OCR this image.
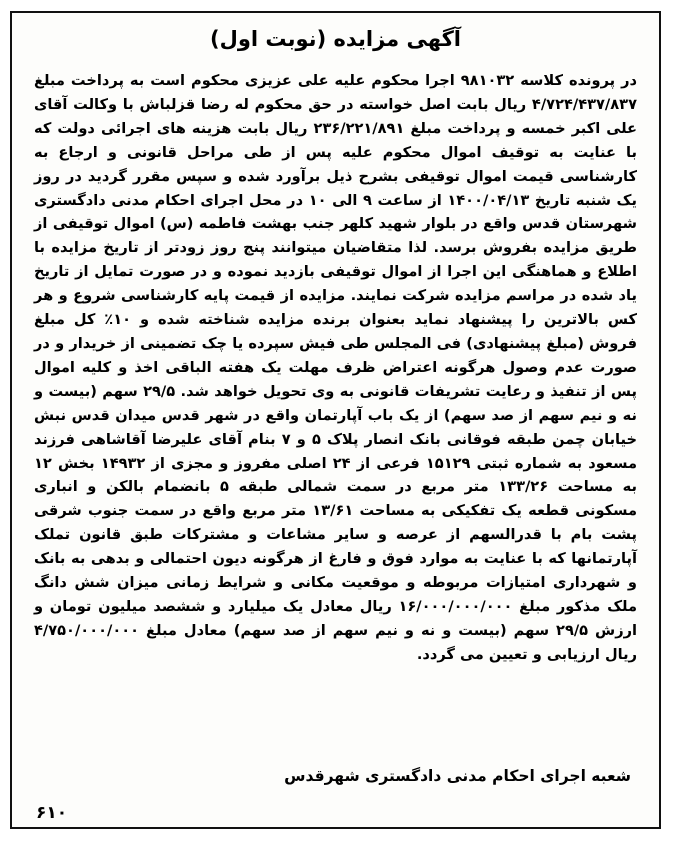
آگهی مزایده (نوبت اول)

در پرونده کلاسه ۹۸۱۰۳۲ اجرا محکوم علیه علی عزیزی محکوم است به پرداخت مبلغ ۴/۷۲۴/۴۳۷/۸۳۷ ریال بابت اصل خواسته در حق محکوم له رضا قزلباش با وکالت آقای علی اکبر خمسه و پرداخت مبلغ ۲۳۶/۲۲۱/۸۹۱ ریال بابت هزینه های اجرائی دولت که با عنایت به توقیف اموال محکوم علیه پس از طی مراحل قانونی و ارجاع به کارشناسی قیمت اموال توقیفی بشرح ذیل برآورد شده و سپس مقرر گردید در روز یک شنبه تاریخ ۱۴۰۰/۰۴/۱۳ از ساعت ۹ الی ۱۰ در محل اجرای احکام مدنی دادگستری شهرستان قدس واقع در بلوار شهید کلهر جنب بهشت فاطمه (س) اموال توقیفی از طریق مزایده بفروش برسد. لذا متقاضیان میتوانند پنج روز زودتر از تاریخ مزایده با اطلاع و هماهنگی این اجرا از اموال توقیفی بازدید نموده و در صورت تمایل از تاریخ یاد شده در مراسم مزایده شرکت نمایند. مزایده از قیمت پایه کارشناسی شروع و هر کس بالاترین را پیشنهاد نماید بعنوان برنده مزایده شناخته شده و ۱۰٪ کل مبلغ فروش (مبلغ پیشنهادی) فی المجلس طی فیش سپرده یا چک تضمینی از خریدار و در صورت عدم وصول هرگونه اعتراض ظرف مهلت یک هفته الباقی اخذ و کلیه اموال پس از تنفیذ و رعایت تشریفات قانونی به وی تحویل خواهد شد. ۲۹/۵ سهم (بیست و نه و نیم سهم از صد سهم) از یک باب آپارتمان واقع در شهر قدس میدان قدس نبش خیابان چمن طبقه فوقانی بانک انصار پلاک ۵ و ۷ بنام آقای علیرضا آقاشاهی فرزند مسعود به شماره ثبتی ۱۵۱۲۹ فرعی از ۲۴ اصلی مفروز و مجزی از ۱۴۹۳۲ بخش ۱۲ به مساحت ۱۳۳/۲۶ متر مربع در سمت شمالی طبقه ۵ بانضمام بالکن و انباری مسکونی قطعه یک تفکیکی به مساحت ۱۳/۶۱ متر مربع واقع در سمت جنوب شرقی پشت بام با قدرالسهم از عرصه و سایر مشاعات و مشترکات طبق قانون تملک آپارتمانها که با عنایت به موارد فوق و فارغ از هرگونه دیون احتمالی و بدهی به بانک و شهرداری امتیازات مربوطه و موقعیت مکانی و شرایط زمانی میزان شش دانگ ملک مذکور مبلغ ۱۶/۰۰۰/۰۰۰/۰۰۰ ریال معادل یک میلیارد و ششصد میلیون تومان و ارزش ۲۹/۵ سهم (بیست و نه و نیم سهم از صد سهم) معادل مبلغ ۴/۷۵۰/۰۰۰/۰۰۰ ریال ارزیابی و تعیین می گردد.

شعبه اجرای احکام مدنی دادگستری شهرقدس

۶۱۰
